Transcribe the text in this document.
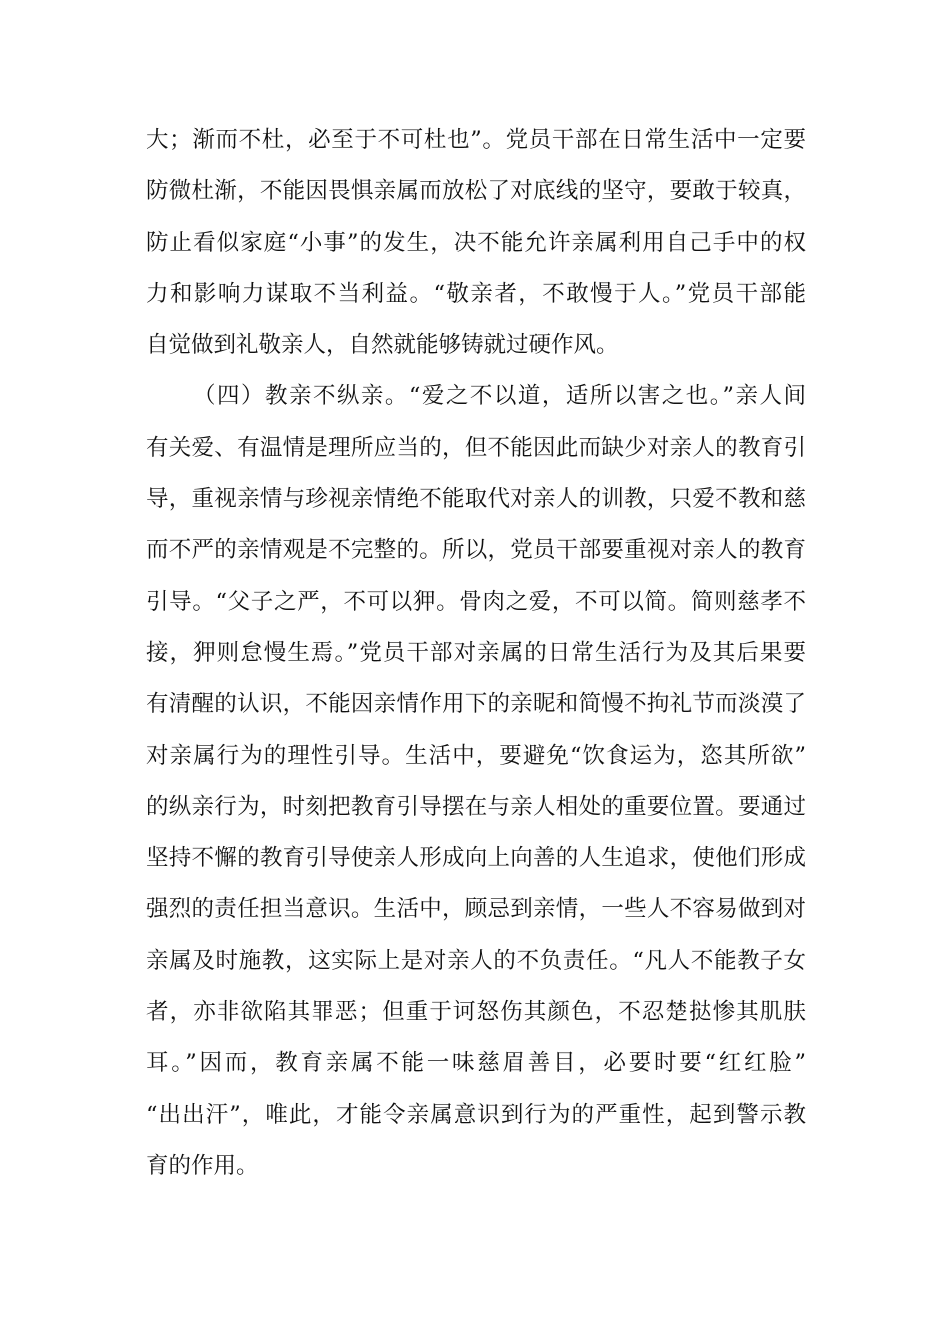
大；渐而不杜，必至于不可杜也”。党员干部在日常生活中一定要
防微杜渐，不能因畏惧亲属而放松了对底线的坚守，要敢于较真，
防止看似家庭“小事”的发生，决不能允许亲属利用自己手中的权
力和影响力谋取不当利益。“敬亲者，不敢慢于人。”党员干部能
自觉做到礼敬亲人，自然就能够铸就过硬作风。
（四）教亲不纵亲。“爱之不以道，适所以害之也。”亲人间
有关爱、有温情是理所应当的，但不能因此而缺少对亲人的教育引
导，重视亲情与珍视亲情绝不能取代对亲人的训教，只爱不教和慈
而不严的亲情观是不完整的。所以，党员干部要重视对亲人的教育
引导。“父子之严，不可以狎。骨肉之爱，不可以简。简则慈孝不
接，狎则怠慢生焉。”党员干部对亲属的日常生活行为及其后果要
有清醒的认识，不能因亲情作用下的亲昵和简慢不拘礼节而淡漠了
对亲属行为的理性引导。生活中，要避免“饮食运为，恣其所欲”
的纵亲行为，时刻把教育引导摆在与亲人相处的重要位置。要通过
坚持不懈的教育引导使亲人形成向上向善的人生追求，使他们形成
强烈的责任担当意识。生活中，顾忌到亲情，一些人不容易做到对
亲属及时施教，这实际上是对亲人的不负责任。“凡人不能教子女
者，亦非欲陷其罪恶；但重于诃怒伤其颜色，不忍楚挞惨其肌肤
耳。”因而，教育亲属不能一味慈眉善目，必要时要“红红脸”
“出出汗”，唯此，才能令亲属意识到行为的严重性，起到警示教
育的作用。
